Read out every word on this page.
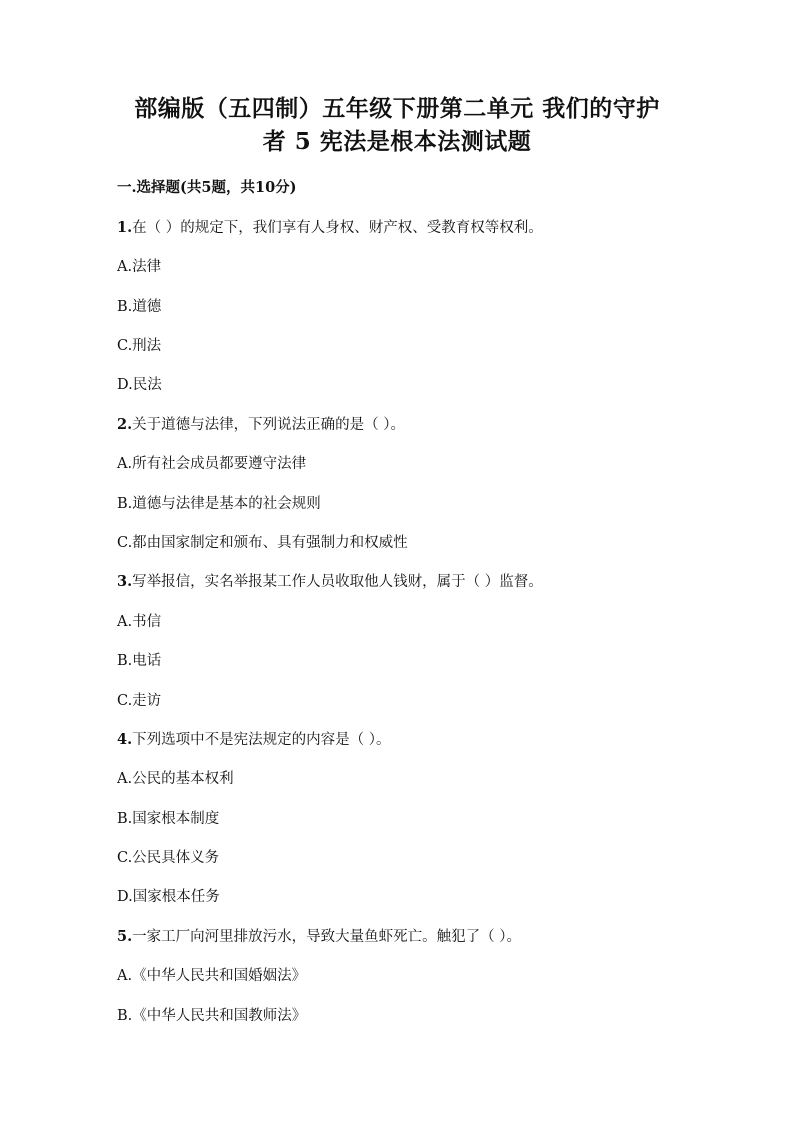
部编版（五四制）五年级下册第二单元 我们的守护
者 5 宪法是根本法测试题
一.选择题(共5题，共10分)
1.在（ ）的规定下，我们享有人身权、财产权、受教育权等权利。
A.法律
B.道德
C.刑法
D.民法
2.关于道德与法律，下列说法正确的是（ ）。
A.所有社会成员都要遵守法律
B.道德与法律是基本的社会规则
C.都由国家制定和颁布、具有强制力和权威性
3.写举报信，实名举报某工作人员收取他人钱财，属于（ ）监督。
A.书信
B.电话
C.走访
4.下列选项中不是宪法规定的内容是（ ）。
A.公民的基本权利
B.国家根本制度
C.公民具体义务
D.国家根本任务
5.一家工厂向河里排放污水，导致大量鱼虾死亡。触犯了（ ）。
A.《中华人民共和国婚姻法》
B.《中华人民共和国教师法》
